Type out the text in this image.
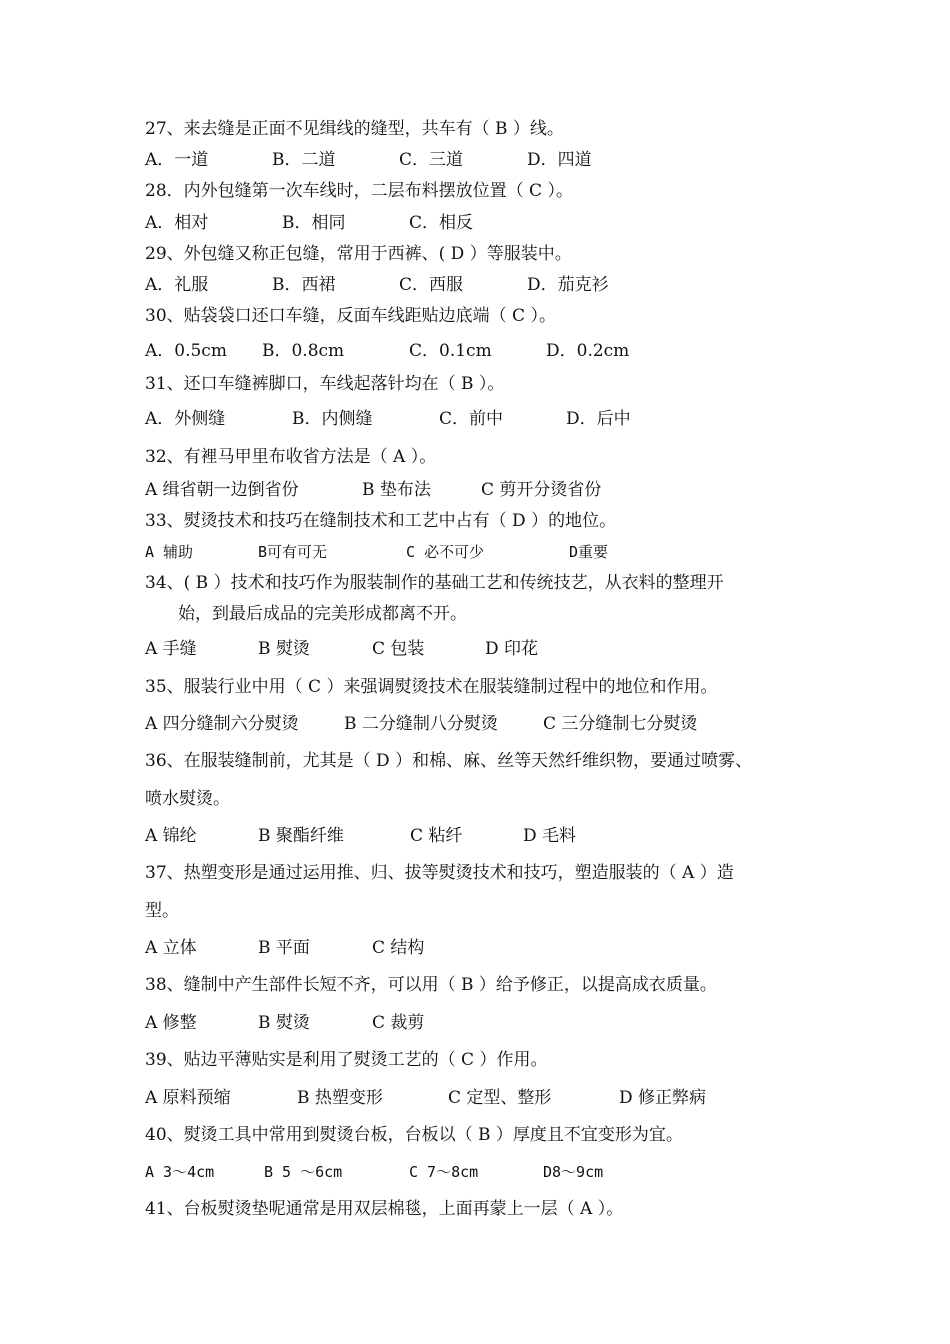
27、来去缝是正面不见缉线的缝型，共车有（ B ）线。
A．一道	B．二道	C．三道	D．四道
28．内外包缝第一次车线时，二层布料摆放位置（ C ）。
A．相对	B．相同	C．相反
29、外包缝又称正包缝，常用于西裤、( D ）等服装中。
A．礼服	B．西裙	C．西服	D．茄克衫
30、贴袋袋口还口车缝，反面车线距贴边底端（ C ）。
A．0.5cm	B．0.8cm	C．0.1cm	D．0.2cm
31、还口车缝裤脚口，车线起落针均在（ B ）。
A．外侧缝	B．内侧缝	C．前中	D．后中
32、有裡马甲里布收省方法是（ A ）。
A 缉省朝一边倒省份	B 垫布法	C 剪开分烫省份
33、熨烫技术和技巧在缝制技术和工艺中占有（ D ）的地位。
A 辅助	B可有可无	C 必不可少	D重要
34、( B ）技术和技巧作为服装制作的基础工艺和传统技艺，从衣料的整理开
始，到最后成品的完美形成都离不开。
A 手缝	B 熨烫	C 包装	D 印花
35、服装行业中用（ C ）来强调熨烫技术在服装缝制过程中的地位和作用。
A 四分缝制六分熨烫	B 二分缝制八分熨烫	C 三分缝制七分熨烫
36、在服装缝制前，尤其是（ D ）和棉、麻、丝等天然纤维织物，要通过喷雾、
喷水熨烫。
A 锦纶	B 聚酯纤维	C 粘纤	D 毛料
37、热塑变形是通过运用推、归、拔等熨烫技术和技巧，塑造服装的（ A ）造
型。
A 立体	B 平面	C 结构
38、缝制中产生部件长短不齐，可以用（ B ）给予修正，以提高成衣质量。
A 修整	B 熨烫	C 裁剪
39、贴边平薄贴实是利用了熨烫工艺的（ C ）作用。
A 原料预缩	B 热塑变形	C 定型、整形	D 修正弊病
40、熨烫工具中常用到熨烫台板，台板以（ B ）厚度且不宜变形为宜。
A 3～4cm	B 5 ～6cm	C 7～8cm	D8～9cm
41、台板熨烫垫呢通常是用双层棉毯，上面再蒙上一层（ A ）。
